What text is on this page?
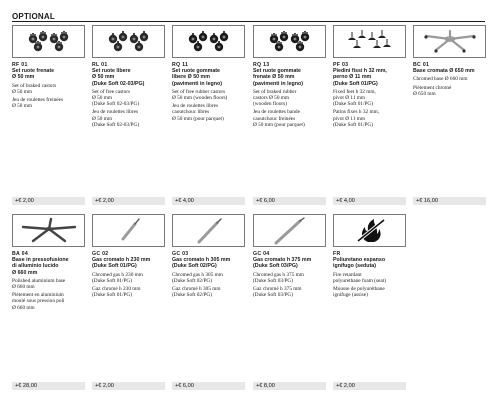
OPTIONAL
RF 01
Set ruote frenate
Ø 50 mm
Set of braked castors
Ø 50 mm
Jeu de roulettes freinées
Ø 50 mm
+€ 2,00
RL 01
Set ruote libere
Ø 50 mm
(Duke Soft 02-03/PG)
Set of free castors
Ø 50 mm
(Duke Soft 02-03/PG)
Jeu de roulettes libres
Ø 50 mm
(Duke Soft 02-03/PG)
+€ 2,00
RQ 11
Set ruote gommate
libere Ø 50 mm
(pavimenti in legno)
Set of free rubber castors
Ø 50 mm (wooden floors)
Jeu de roulettes libres
caoutchouc libres
Ø 50 mm (pour parquet)
+€ 4,00
RQ 13
Set ruote gommate
frenate Ø 50 mm
(pavimenti in legno)
Set of braked rubber
castors Ø 50 mm
(wooden floors)
Jeu de roulettes bande
caoutchouc freinées
Ø 50 mm (pour parquet)
+€ 6,00
PF 03
Piedini fissi h 32 mm,
perno Ø 11 mm
(Duke Soft 01/PG)
Fixed feet h 32 mm,
pivot Ø 11 mm
(Duke Soft 01/PG)
Patins fixes h 32 mm,
pivot Ø 11 mm
(Duke Soft 01/PG)
+€ 4,00
BC 01
Base cromata Ø 650 mm
Chromed base Ø 660 mm
Piètement chromé
Ø 650 mm
+€ 16,00
BA 04
Base in pressofusione
di alluminio lucido
Ø 660 mm
Polished aluminium base
Ø 660 mm
Piètement en aluminium
moulé sous pression poli
Ø 660 mm
+€ 28,00
GC 02
Gas cromato h 230 mm
(Duke Soft 01/PG)
Chromed gas h 230 mm
(Duke Soft 01/PG)
Gaz chromé h 230 mm
(Duke Soft 01/PG)
+€ 2,00
GC 03
Gas cromato h 305 mm
(Duke Soft 02/PG)
Chromed gas h 305 mm
(Duke Soft 02/PG)
Gaz chromé h 305 mm
(Duke Soft 02/PG)
+€ 6,00
GC 04
Gas cromato h 375 mm
(Duke Soft 03/PG)
Chromed gas h 375 mm
(Duke Soft 03/PG)
Gaz chromé h 375 mm
(Duke Soft 03/PG)
+€ 8,00
FR
Poliuretano espanso
ignifugo (seduta)
Fire retardant
polyurethane foam (seat)
Mousse de polyuréthane
ignifuge (assise)
+€ 2,00
